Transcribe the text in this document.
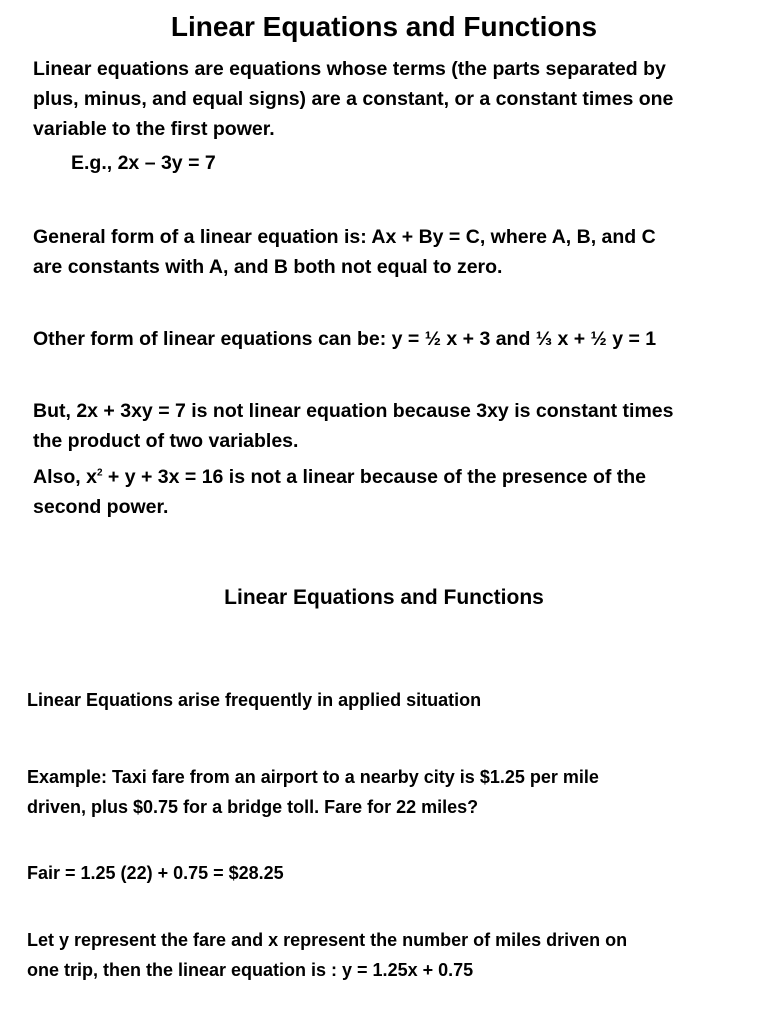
Linear Equations and Functions
Linear equations are equations whose terms (the parts separated by
plus, minus, and equal signs) are a constant, or a constant times one
variable to the first power.
E.g., 2x – 3y = 7
General form of a linear equation is: Ax + By = C, where A, B, and C
are constants with A, and B both not equal to zero.
Other form of linear equations can be: y = ½ x + 3 and ⅓ x + ½ y = 1
But, 2x + 3xy = 7 is not linear equation because 3xy is constant times
the product of two variables.
Also, $x^2 + y + 3x = 16$ is not a linear because of the presence of the
second power.
Linear Equations and Functions
Linear Equations arise frequently in applied situation
Example: Taxi fare from an airport to a nearby city is $1.25 per mile
driven, plus $0.75 for a bridge toll. Fare for 22 miles?
Fair = 1.25 (22) + 0.75 = $28.25
Let y represent the fare and x represent the number of miles driven on
one trip, then the linear equation is : y = 1.25x + 0.75
